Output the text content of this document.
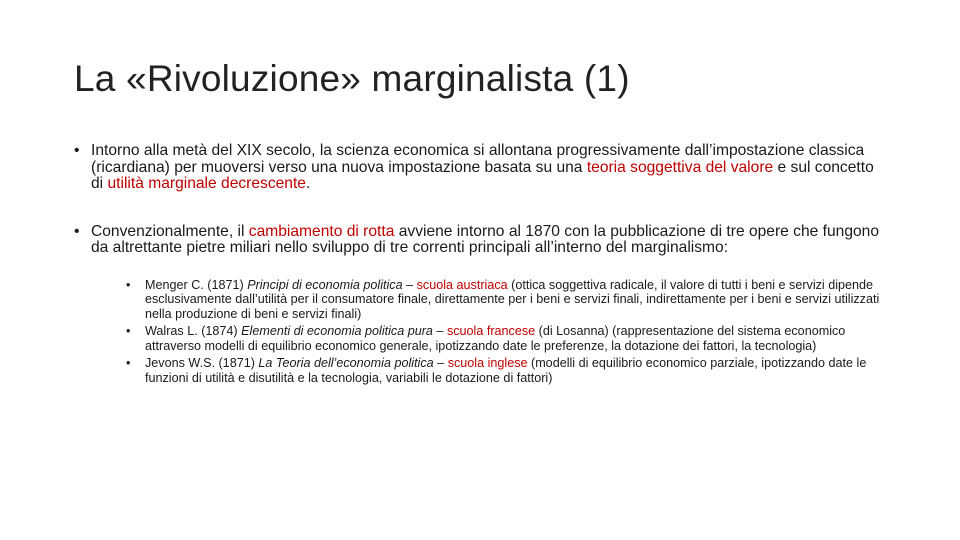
La «Rivoluzione» marginalista (1)
• Intorno alla metà del XIX secolo, la scienza economica si allontana progressivamente dall’impostazione classica (ricardiana) per muoversi verso una nuova impostazione basata su una teoria soggettiva del valore e sul concetto di utilità marginale decrescente.
• Convenzionalmente, il cambiamento di rotta avviene intorno al 1870 con la pubblicazione di tre opere che fungono da altrettante pietre miliari nello sviluppo di tre correnti principali all’interno del marginalismo:
• Menger C. (1871) Principi di economia politica – scuola austriaca (ottica soggettiva radicale, il valore di tutti i beni e servizi dipende esclusivamente dall’utilità per il consumatore finale, direttamente per i beni e servizi finali, indirettamente per i beni e servizi utilizzati nella produzione di beni e servizi finali)
• Walras L. (1874) Elementi di economia politica pura – scuola francese (di Losanna) (rappresentazione del sistema economico attraverso modelli di equilibrio economico generale, ipotizzando date le preferenze, la dotazione dei fattori, la tecnologia)
• Jevons W.S. (1871) La Teoria dell’economia politica – scuola inglese (modelli di equilibrio economico parziale, ipotizzando date le funzioni di utilità e disutilità e la tecnologia, variabili le dotazione di fattori)
